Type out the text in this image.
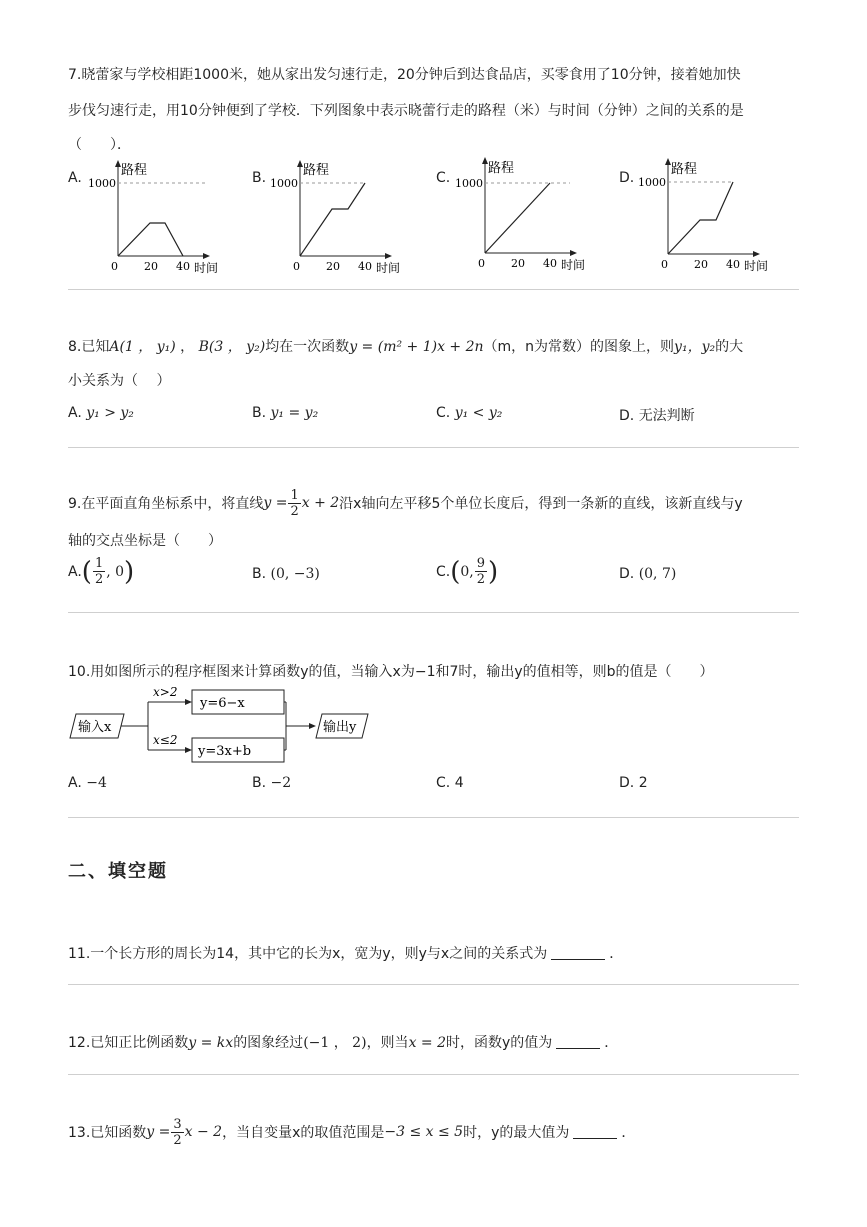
7.晓蕾家与学校相距1000米，她从家出发匀速行走，20分钟后到达食品店，买零食用了10分钟，接着她加快
步伐匀速行走，用10分钟便到了学校．下列图象中表示晓蕾行走的路程（米）与时间（分钟）之间的关系的是
（　　）．
A.	路程
1000
0 20 40 时间
B.	路程
1000
0 20 40 时间
C.
路程
1000
0 20 40 时间
D.
路程
1000
0 20 40 时间
8.已知A(1 ， y₁) ， B(3 ， y₂)均在一次函数y = (m² + 1)x + 2n（m，n为常数）的图象上，则y₁，y₂的大
小关系为（　 ）
A. y₁ > y₂	B. y₁ = y₂	C. y₁ < y₂	D. 无法判断
9.在平面直角坐标系中，将直线 $y = \frac{1}{2}$ x + 2 沿x轴向左平移5个单位长度后，得到一条新的直线，该新直线与y
轴的交点坐标是（　　）
A. ( $\frac{1}{2}$ , 0 )	B. (0, −3)	C. ( 0, $\frac{9}{2}$ )	D. (0, 7)
10.用如图所示的程序框图来计算函数y的值，当输入x为−1和7时，输出y的值相等，则b的值是（　　）
输入x
x>2
y=6−x
x≤2
y=3x+b
输出y
A. −4	B. −2	C. 4	D. 2
二、填空题
11.一个长方形的周长为14，其中它的长为x，宽为y，则y与x之间的关系式为	．
12.已知正比例函数y = kx的图象经过(−1 ， 2)，则当x = 2时，函数y的值为	．
13.已知函数 $y = \frac{3}{2}$ x − 2 ，当自变量x的取值范围是 −3 ≤ x ≤ 5 时，y的最大值为	．
